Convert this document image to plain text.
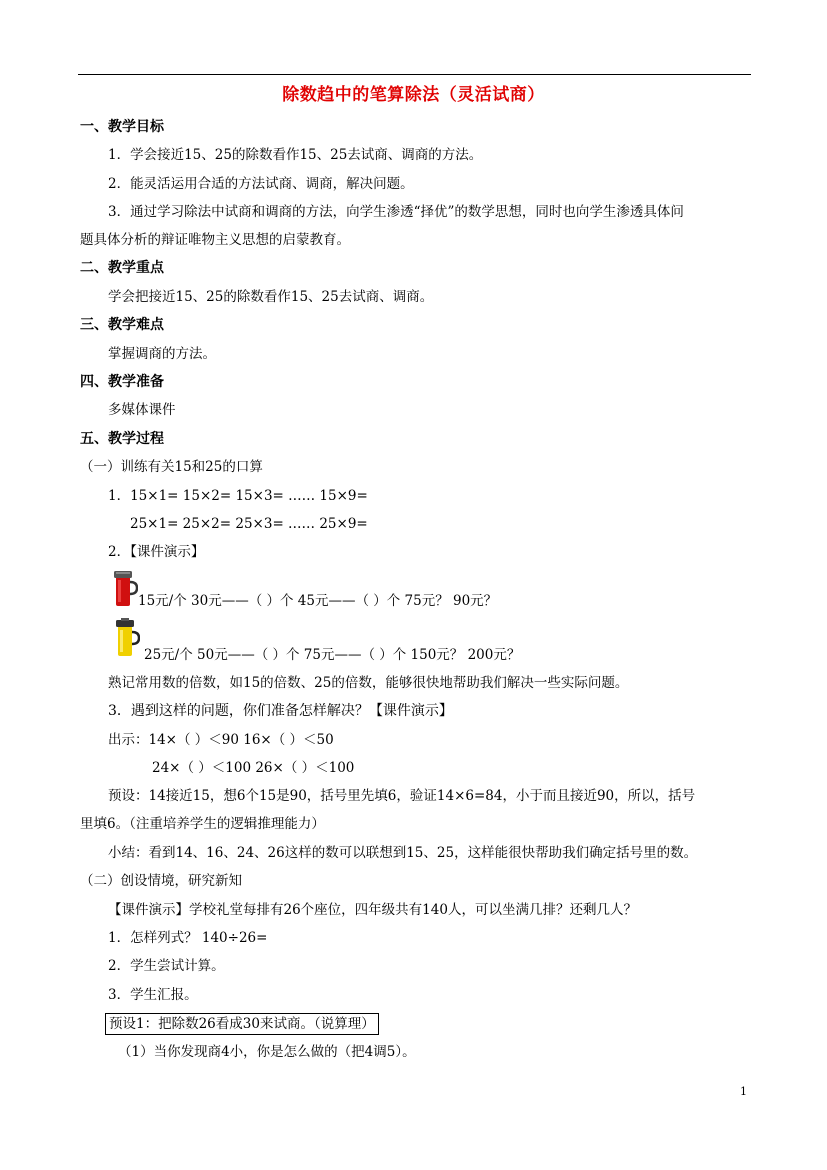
除数趋中的笔算除法（灵活试商）
一、教学目标
1．学会接近15、25的除数看作15、25去试商、调商的方法。
2．能灵活运用合适的方法试商、调商，解决问题。
3．通过学习除法中试商和调商的方法，向学生渗透“择优”的数学思想，同时也向学生渗透具体问
题具体分析的辩证唯物主义思想的启蒙教育。
二、教学重点
学会把接近15、25的除数看作15、25去试商、调商。
三、教学难点
掌握调商的方法。
四、教学准备
多媒体课件
五、教学过程
（一）训练有关15和25的口算
1．15×1= 15×2= 15×3= …… 15×9=
25×1= 25×2= 25×3= …… 25×9=
2．【课件演示】
15元/个 30元——（ ）个 45元——（ ）个 75元？ 90元？
25元/个 50元——（ ）个 75元——（ ）个 150元？ 200元？
熟记常用数的倍数，如15的倍数、25的倍数，能够很快地帮助我们解决一些实际问题。
3．遇到这样的问题，你们准备怎样解决？【课件演示】
出示：14×（ ）＜90 16×（ ）＜50
24×（ ）＜100 26×（ ）＜100
预设：14接近15，想6个15是90，括号里先填6，验证14×6=84，小于而且接近90，所以，括号
里填6。（注重培养学生的逻辑推理能力）
小结：看到14、16、24、26这样的数可以联想到15、25，这样能很快帮助我们确定括号里的数。
（二）创设情境，研究新知
【课件演示】学校礼堂每排有26个座位，四年级共有140人，可以坐满几排？还剩几人？
1．怎样列式？ 140÷26=
2．学生尝试计算。
3．学生汇报。
预设1：把除数26看成30来试商。（说算理）
（1）当你发现商4小，你是怎么做的（把4调5）。
1
